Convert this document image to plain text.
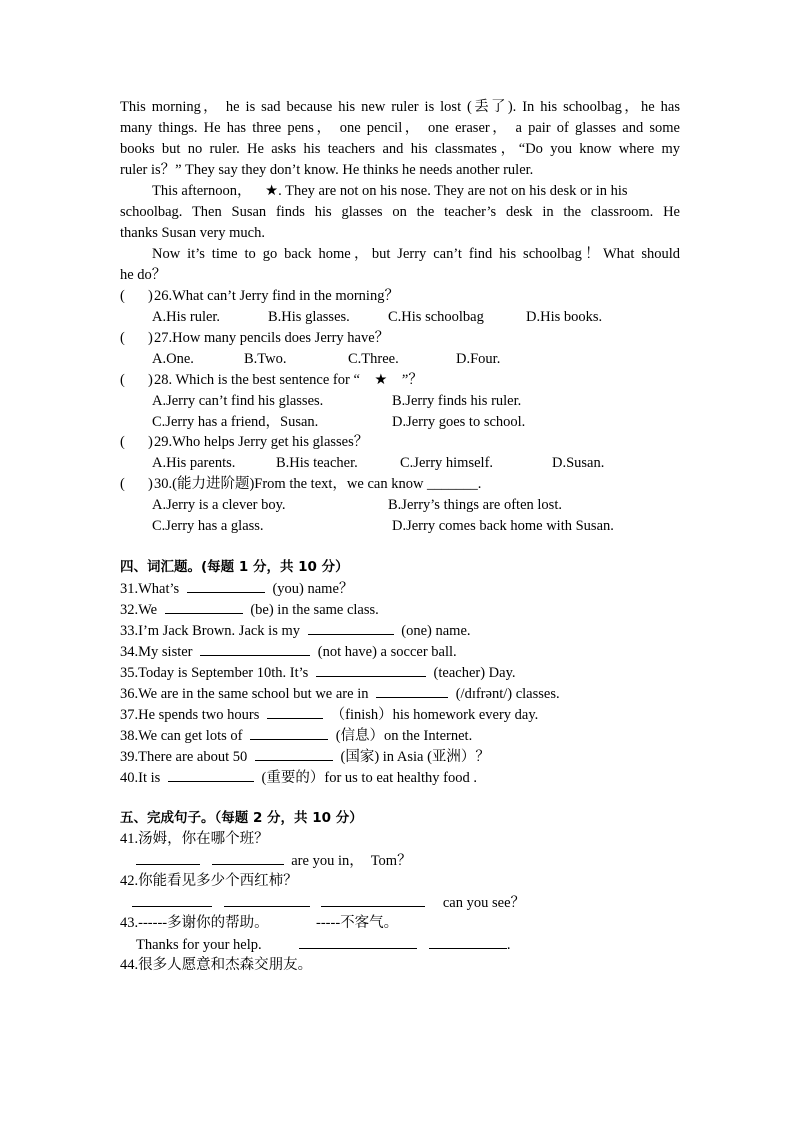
This morning， he is sad because his new ruler is lost (丢了). In his schoolbag，he has
many things. He has three pens， one pencil， one eraser， a pair of glasses and some
books but no ruler. He asks his teachers and his classmates，“Do you know where my
ruler is？” They say they don’t know. He thinks he needs another ruler.
This afternoon， ★. They are not on his nose. They are not on his desk or in his
schoolbag. Then Susan finds his glasses on the teacher’s desk in the classroom. He
thanks Susan very much.
Now it’s time to go back home，but Jerry can’t find his schoolbag！What should
he do？
( ) 26.What can’t Jerry find in the morning？
A.His ruler.	B.His glasses.	C.His schoolbag	D.His books.
( ) 27.How many pencils does Jerry have？
A.One.	B.Two.	C.Three.	D.Four.
( ) 28. Which is the best sentence for “    ★    ”？
A.Jerry can’t find his glasses.	B.Jerry finds his ruler.
C.Jerry has a friend，Susan.	D.Jerry goes to school.
( ) 29.Who helps Jerry get his glasses？
A.His parents.	B.His teacher.	C.Jerry himself.	D.Susan.
( ) 30.(能力进阶题)From the text，we can know _______.
A.Jerry is a clever boy.	B.Jerry’s things are often lost.
C.Jerry has a glass.	D.Jerry comes back home with Susan.
四、词汇题。(每题 1 分，共 10 分）
31.What’s	(you) name？
32.We	(be) in the same class.
33.I’m Jack Brown. Jack is my	(one) name.
34.My sister	(not have) a soccer ball.
35.Today is September 10th. It’s	(teacher) Day.
36.We are in the same school but we are in	(/dɪfrənt/) classes.
37.He spends two hours	（finish）his homework every day.
38.We can get lots of	(信息）on the Internet.
39.There are about 50	(国家) in Asia (亚洲）？
40.It is	(重要的）for us to eat healthy food .
五、完成句子。（每题 2 分，共 10 分）
41.汤姆，你在哪个班？
are you in，  Tom？
42.你能看见多少个西红柿？
can you see？
43.------多谢你的帮助。	-----不客气。
Thanks for your help.	.
44.很多人愿意和杰森交朋友。
